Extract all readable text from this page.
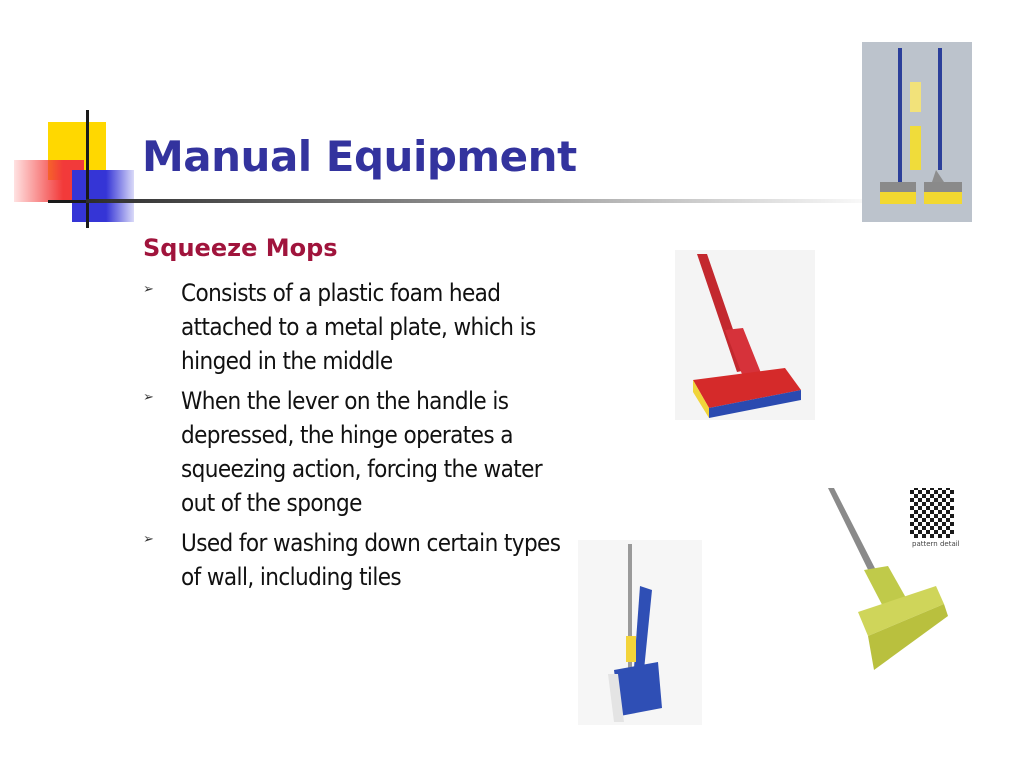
Manual Equipment
Squeeze Mops
➢ Consists of a plastic foam head attached to a metal plate, which is hinged in the middle
➢ When the lever on the handle is depressed, the hinge operates a squeezing action, forcing the water out of the sponge
➢ Used for washing down certain types of wall, including tiles
pattern detail
